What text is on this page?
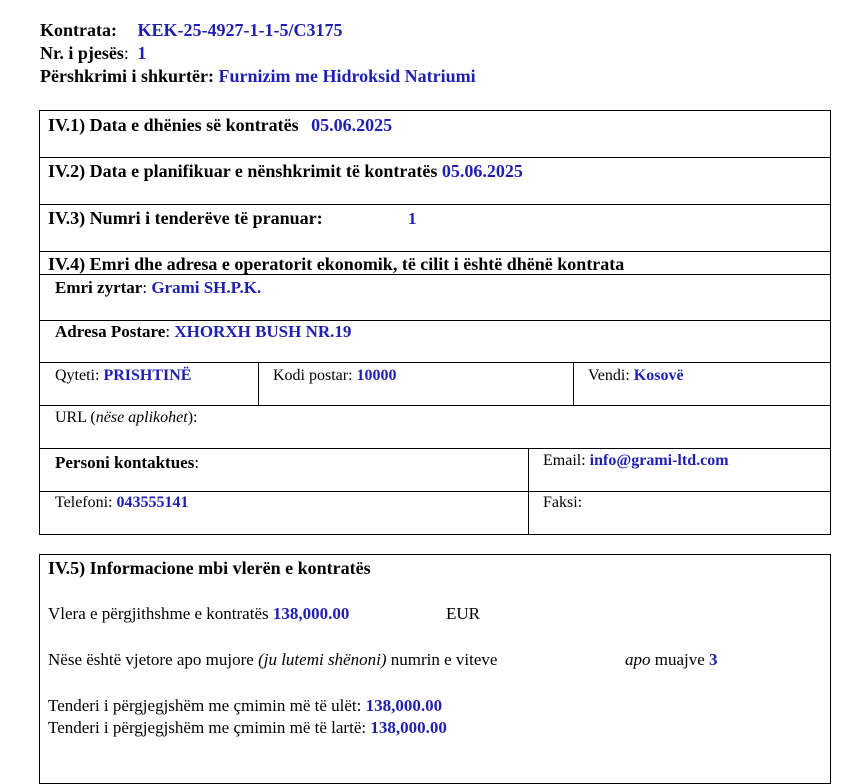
Kontrata: KEK-25-4927-1-1-5/C3175
Nr. i pjesës: 1
Përshkrimi i shkurtër: Furnizim me Hidroksid Natriumi
IV.1) Data e dhënies së kontratës 05.06.2025
IV.2) Data e planifikuar e nënshkrimit të kontratës 05.06.2025
IV.3) Numri i tenderëve të pranuar:	1
IV.4) Emri dhe adresa e operatorit ekonomik, të cilit i është dhënë kontrata
Emri zyrtar: Grami SH.P.K.
Adresa Postare: XHORXH BUSH NR.19
Qyteti: PRISHTINË	Kodi postar: 10000	Vendi: Kosovë
URL (nëse aplikohet):
Personi kontaktues:	Email: info@grami-ltd.com
Telefoni: 043555141	Faksi:
IV.5) Informacione mbi vlerën e kontratës
Vlera e përgjithshme e kontratës 138,000.00	EUR
Nëse është vjetore apo mujore (ju lutemi shënoni) numrin e viteve	apo muajve 3
Tenderi i përgjegjshëm me çmimin më të ulët: 138,000.00
Tenderi i përgjegjshëm me çmimin më të lartë: 138,000.00
